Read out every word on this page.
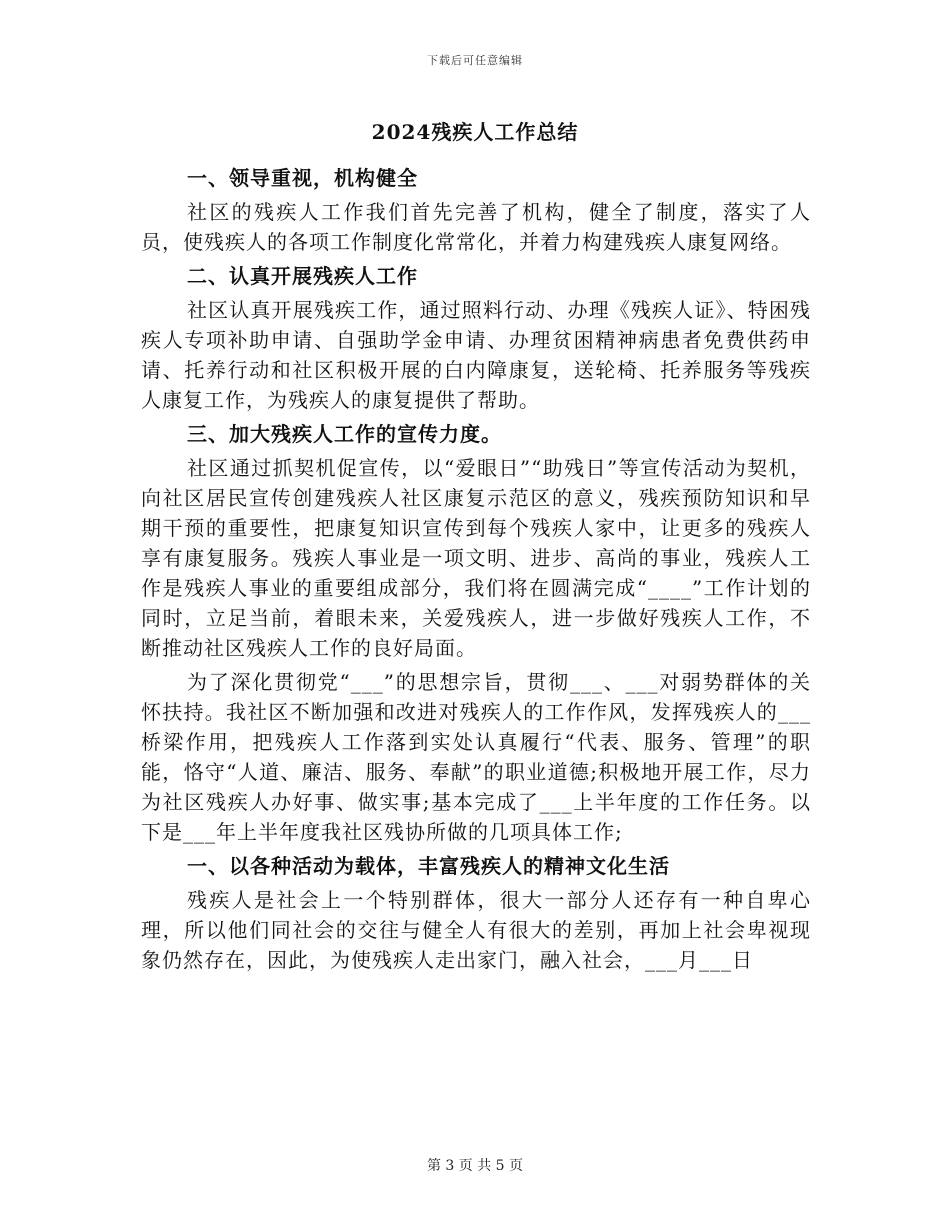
下载后可任意编辑
2024残疾人工作总结

一、领导重视，机构健全

社区的残疾人工作我们首先完善了机构，健全了制度，落实了人员，使残疾人的各项工作制度化常常化，并着力构建残疾人康复网络。

二、认真开展残疾人工作

社区认真开展残疾工作，通过照料行动、办理《残疾人证》、特困残疾人专项补助申请、自强助学金申请、办理贫困精神病患者免费供药申请、托养行动和社区积极开展的白内障康复，送轮椅、托养服务等残疾人康复工作，为残疾人的康复提供了帮助。

三、加大残疾人工作的宣传力度。

社区通过抓契机促宣传，以“爱眼日”“助残日”等宣传活动为契机，向社区居民宣传创建残疾人社区康复示范区的意义，残疾预防知识和早期干预的重要性，把康复知识宣传到每个残疾人家中，让更多的残疾人享有康复服务。残疾人事业是一项文明、进步、高尚的事业，残疾人工作是残疾人事业的重要组成部分，我们将在圆满完成“____”工作计划的同时，立足当前，着眼未来，关爱残疾人，进一步做好残疾人工作，不断推动社区残疾人工作的良好局面。

为了深化贯彻党“___”的思想宗旨，贯彻___、___对弱势群体的关怀扶持。我社区不断加强和改进对残疾人的工作作风，发挥残疾人的___桥梁作用，把残疾人工作落到实处认真履行“代表、服务、管理”的职能，恪守“人道、廉洁、服务、奉献”的职业道德;积极地开展工作，尽力为社区残疾人办好事、做实事;基本完成了___上半年度的工作任务。以下是___年上半年度我社区残协所做的几项具体工作;

一、以各种活动为载体，丰富残疾人的精神文化生活

残疾人是社会上一个特别群体，很大一部分人还存有一种自卑心理，所以他们同社会的交往与健全人有很大的差别，再加上社会卑视现象仍然存在，因此，为使残疾人走出家门，融入社会，___月___日

第 3 页 共 5 页
